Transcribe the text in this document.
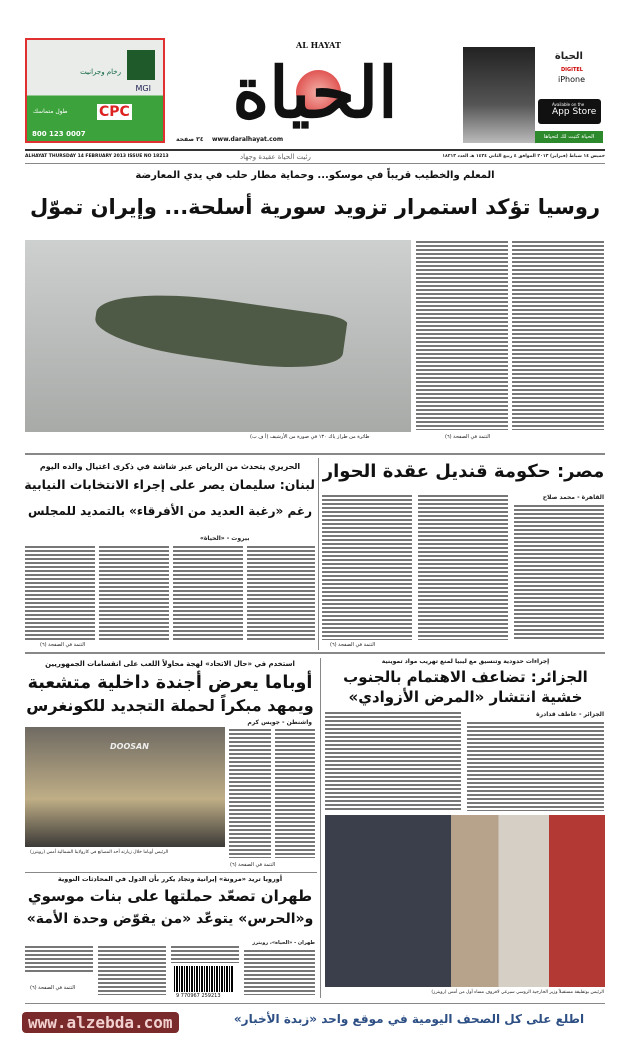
MGI
رخام وجرانيت
CPC
طول متماسك
800 123 0007
AL HAYAT
الحياة
www.daralhayat.com
٣٤ صفحة
الحياة
DIGITEL
iPhone
Available on the
App Store
الحياة كتبت لك لتحياها
ALHAYAT THURSDAY 14 FEBRUARY 2013 ISSUE NO 18213	رئيت الحياة عقيدة وجهاد	خميس ١٤ شباط (فبراير) ٢٠١٣ الموافق ٤ ربيع الثاني ١٤٣٤ هـ العدد ١٨٢١٣
المعلم والخطيب قريباً في موسكو... وحماية مطار حلب في يدي المعارضة
روسيا تؤكد استمرار تزويد سورية أسلحة... وإيران تموّل
طائرة من طراز ياك ١٣٠ في صورة من الأرشيف (أ ف ب)	التتمة في الصفحة (٦)
مصر: حكومة قنديل عقدة الحوار
القاهرة - محمد صلاح
التتمة في الصفحة (٦)
الحريري يتحدث من الرياض عبر شاشة في ذكرى اغتيال والده اليوم
لبنان: سليمان يصر على إجراء الانتخابات النيابية
رغم «رغبة العديد من الأفرقاء» بالتمديد للمجلس
بيروت - «الحياة»
التتمة في الصفحة (٦)
إجراءات حدودية وتنسيق مع ليبيا لمنع تهريب مواد تموينية
الجزائر: تضاعف الاهتمام بالجنوب
خشية انتشار «المرض الأزوادي»
الجزائر - عاطف قدادرة
الرئيس بوتفليقة مستقبلاً وزير الخارجية الروسي سيرغي لافروف مساء أول من أمس (رويترز)
استخدم في «حال الاتحاد» لهجة محاولاً اللعب على انقسامات الجمهوريين
أوباما يعرض أجندة داخلية متشعبة
ويمهد مبكراً لحملة التجديد للكونغرس
DOOSAN
الرئيس أوباما خلال زيارته أحد المصانع في كارولاينا الشمالية أمس (رويترز)
واشنطن - جويس كرم
التتمة في الصفحة (٦)
أوروبا تريد «مرونة» إيرانية وتجاد يكرر بأن الدول في المحادثات النووية
طهران تصعّد حملتها على بنات موسوي
و«الحرس» يتوعّد «من يقوّض وحدة الأمة»
طهران - «الحياة»، رويترز
9 770967 259213
التتمة في الصفحة (٦)
www.alzebda.com	اطلع على كل الصحف اليومية في موقع واحد «زبدة الأخبار»
